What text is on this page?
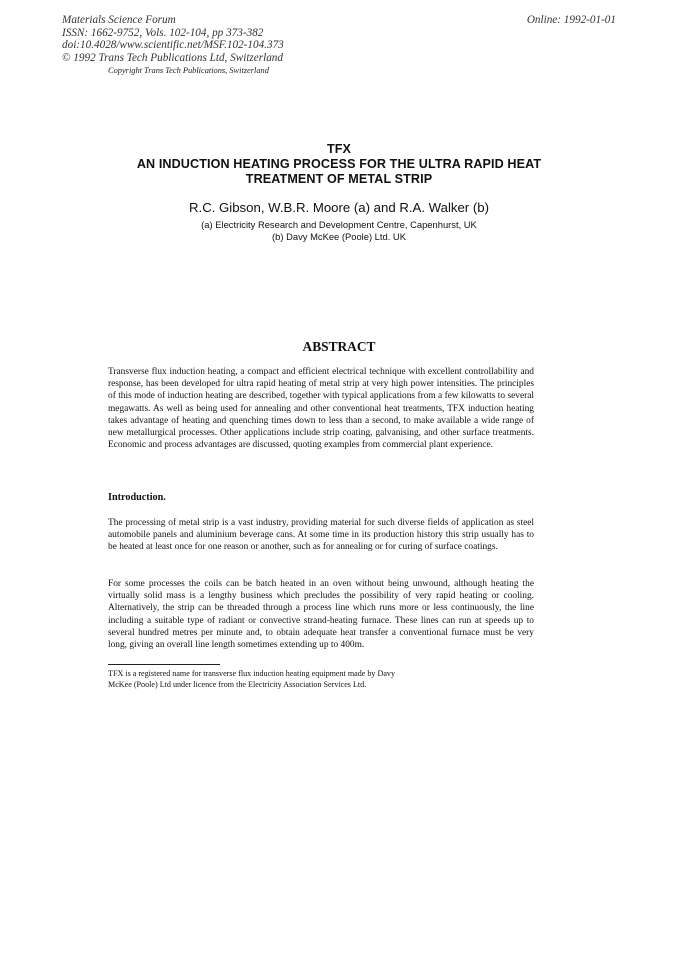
Materials Science Forum
ISSN: 1662-9752, Vols. 102-104, pp 373-382
doi:10.4028/www.scientific.net/MSF.102-104.373
© 1992 Trans Tech Publications Ltd, Switzerland
Copyright Trans Tech Publications, Switzerland
Online: 1992-01-01
TFX
AN INDUCTION HEATING PROCESS FOR THE ULTRA RAPID HEAT
TREATMENT OF METAL STRIP
R.C. Gibson, W.B.R. Moore (a) and R.A. Walker (b)
(a) Electricity Research and Development Centre, Capenhurst, UK
(b) Davy McKee (Poole) Ltd. UK
ABSTRACT

Transverse flux induction heating, a compact and efficient electrical technique with excellent controllability and response, has been developed for ultra rapid heating of metal strip at very high power intensities. The principles of this mode of induction heating are described, together with typical applications from a few kilowatts to several megawatts. As well as being used for annealing and other conventional heat treatments, TFX induction heating takes advantage of heating and quenching times down to less than a second, to make available a wide range of new metallurgical processes. Other applications include strip coating, galvanising, and other surface treatments. Economic and process advantages are discussed, quoting examples from commercial plant experience.

Introduction.

The processing of metal strip is a vast industry, providing material for such diverse fields of application as steel automobile panels and aluminium beverage cans. At some time in its production history this strip usually has to be heated at least once for one reason or another, such as for annealing or for curing of surface coatings.

For some processes the coils can be batch heated in an oven without being unwound, although heating the virtually solid mass is a lengthy business which precludes the possibility of very rapid heating or cooling. Alternatively, the strip can be threaded through a process line which runs more or less continuously, the line including a suitable type of radiant or convective strand-heating furnace. These lines can run at speeds up to several hundred metres per minute and, to obtain adequate heat transfer a conventional furnace must be very long, giving an overall line length sometimes extending up to 400m.

TFX is a registered name for transverse flux induction heating equipment made by Davy
McKee (Poole) Ltd under licence from the Electricity Association Services Ltd.
